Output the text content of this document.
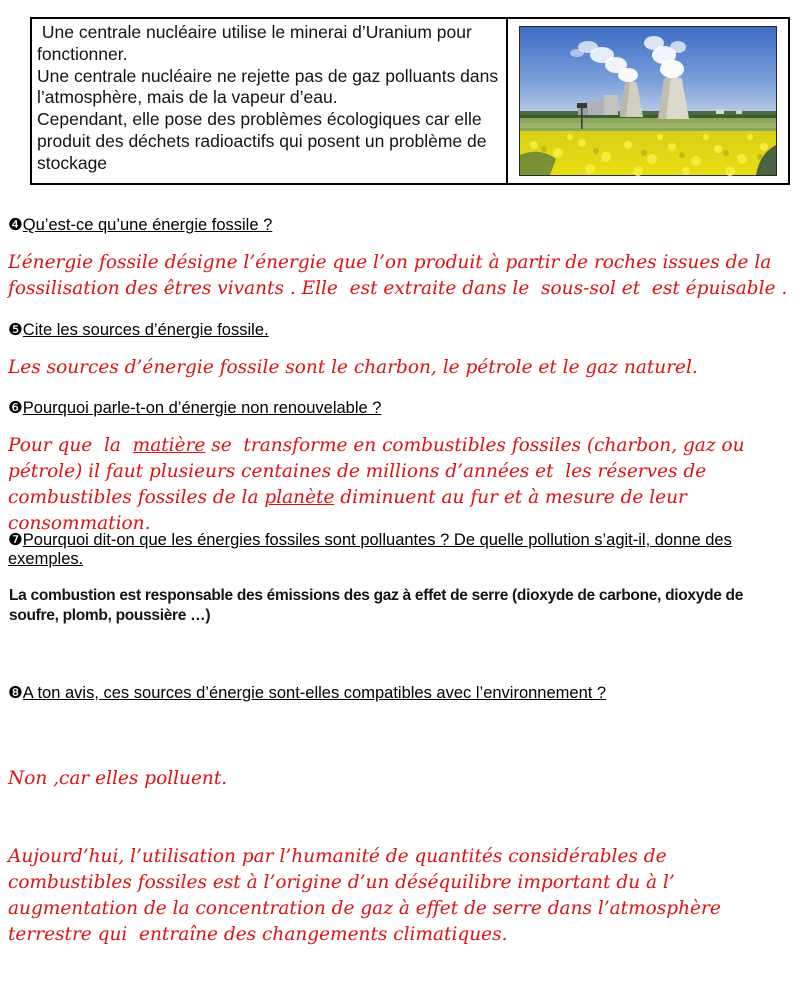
Une centrale nucléaire utilise le minerai d’Uranium pour fonctionner.
Une centrale nucléaire ne rejette pas de gaz polluants dans l’atmosphère, mais de la vapeur d’eau.
Cependant, elle pose des problèmes écologiques car elle produit des déchets radioactifs qui posent un problème de stockage
❹Qu’est-ce qu’une énergie fossile ?
L’énergie fossile désigne l’énergie que l’on produit à partir de roches issues de la fossilisation des êtres vivants . Elle  est extraite dans le  sous-sol et  est épuisable .
❺Cite les sources d’énergie fossile.
Les sources d’énergie fossile sont le charbon, le pétrole et le gaz naturel.
❻Pourquoi parle-t-on d’énergie non renouvelable ?
Pour que  la  matière se  transforme en combustibles fossiles (charbon, gaz ou pétrole) il faut plusieurs centaines de millions d’années et  les réserves de combustibles fossiles de la planète diminuent au fur et à mesure de leur consommation.
❼Pourquoi dit-on que les énergies fossiles sont polluantes ? De quelle pollution s’agit-il, donne des exemples.
La combustion est responsable des émissions des gaz à effet de serre (dioxyde de carbone, dioxyde de soufre, plomb, poussière …)
❽A ton avis, ces sources d’énergie sont-elles compatibles avec l’environnement ?

Non ,car elles polluent.

Aujourd’hui, l’utilisation par l’humanité de quantités considérables de combustibles fossiles est à l’origine d’un déséquilibre important du à l’  augmentation de la concentration de gaz à effet de serre dans l’atmosphère terrestre qui  entraîne des changements climatiques.
